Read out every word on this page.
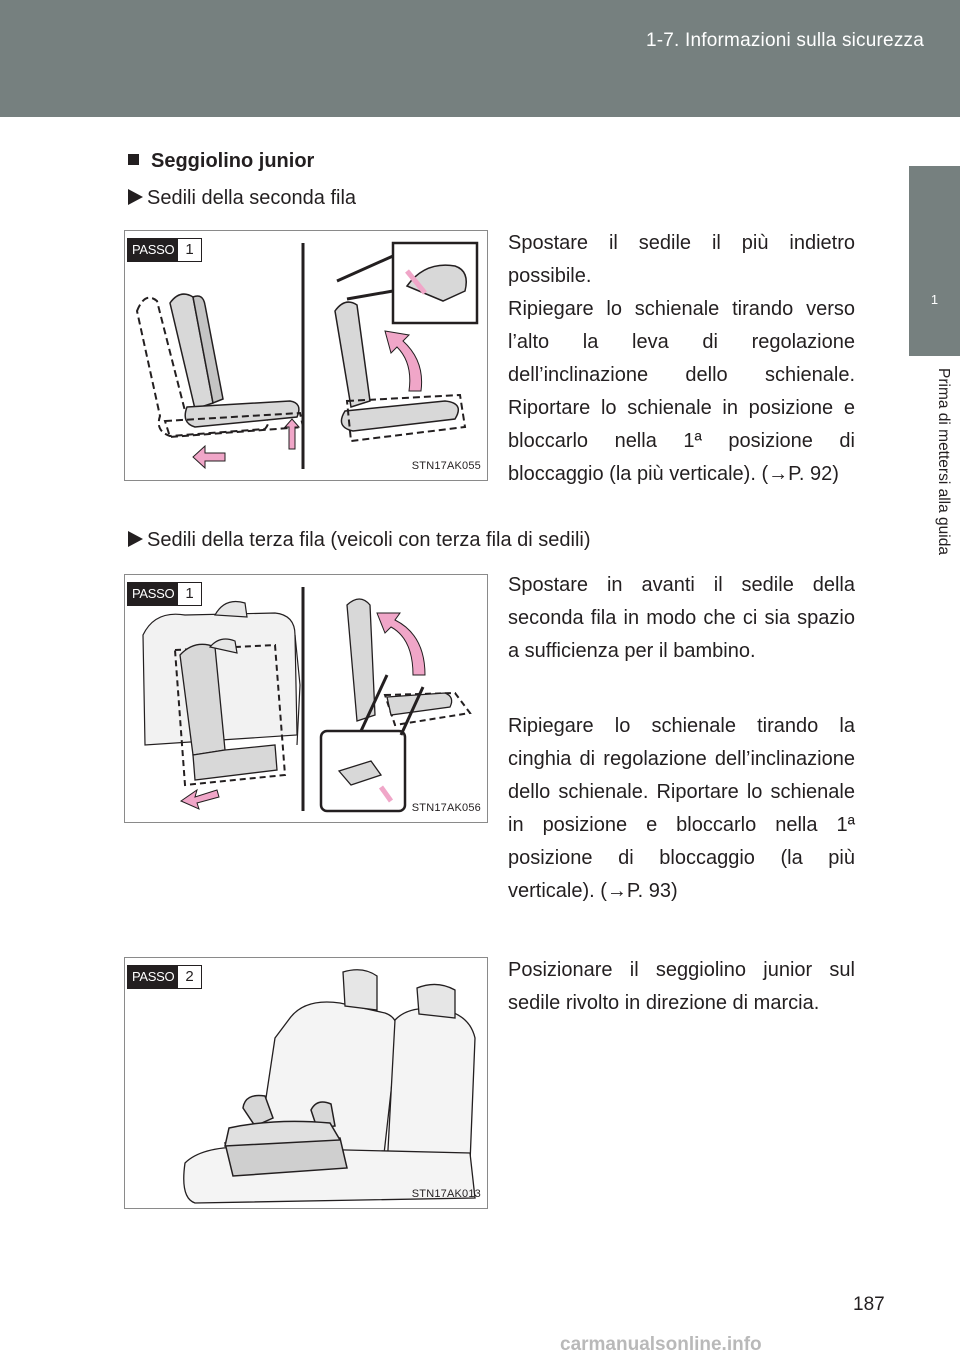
1-7. Informazioni sulla sicurezza
1
Prima di mettersi alla guida
Seggiolino junior
Sedili della seconda fila
PASSO 1
STN17AK055

Spostare il sedile il più indietro possibile.

Ripiegare lo schienale tirando verso l’alto la leva di regolazione dell’inclinazione dello schienale. Riportare lo schienale in posizione e bloccarlo nella 1ª posizione di bloccaggio (la più verticale). (→P. 92)

Sedili della terza fila (veicoli con terza fila di sedili)
PASSO 1
STN17AK056

Spostare in avanti il sedile della seconda fila in modo che ci sia spazio a sufficienza per il bambino.

Ripiegare lo schienale tirando la cinghia di regolazione dell’inclinazione dello schienale. Riportare lo schienale in posizione e bloccarlo nella 1ª posizione di bloccaggio (la più verticale). (→P. 93)

PASSO 2
STN17AK013

Posizionare il seggiolino junior sul sedile rivolto in direzione di marcia.

187
carmanualsonline.info
